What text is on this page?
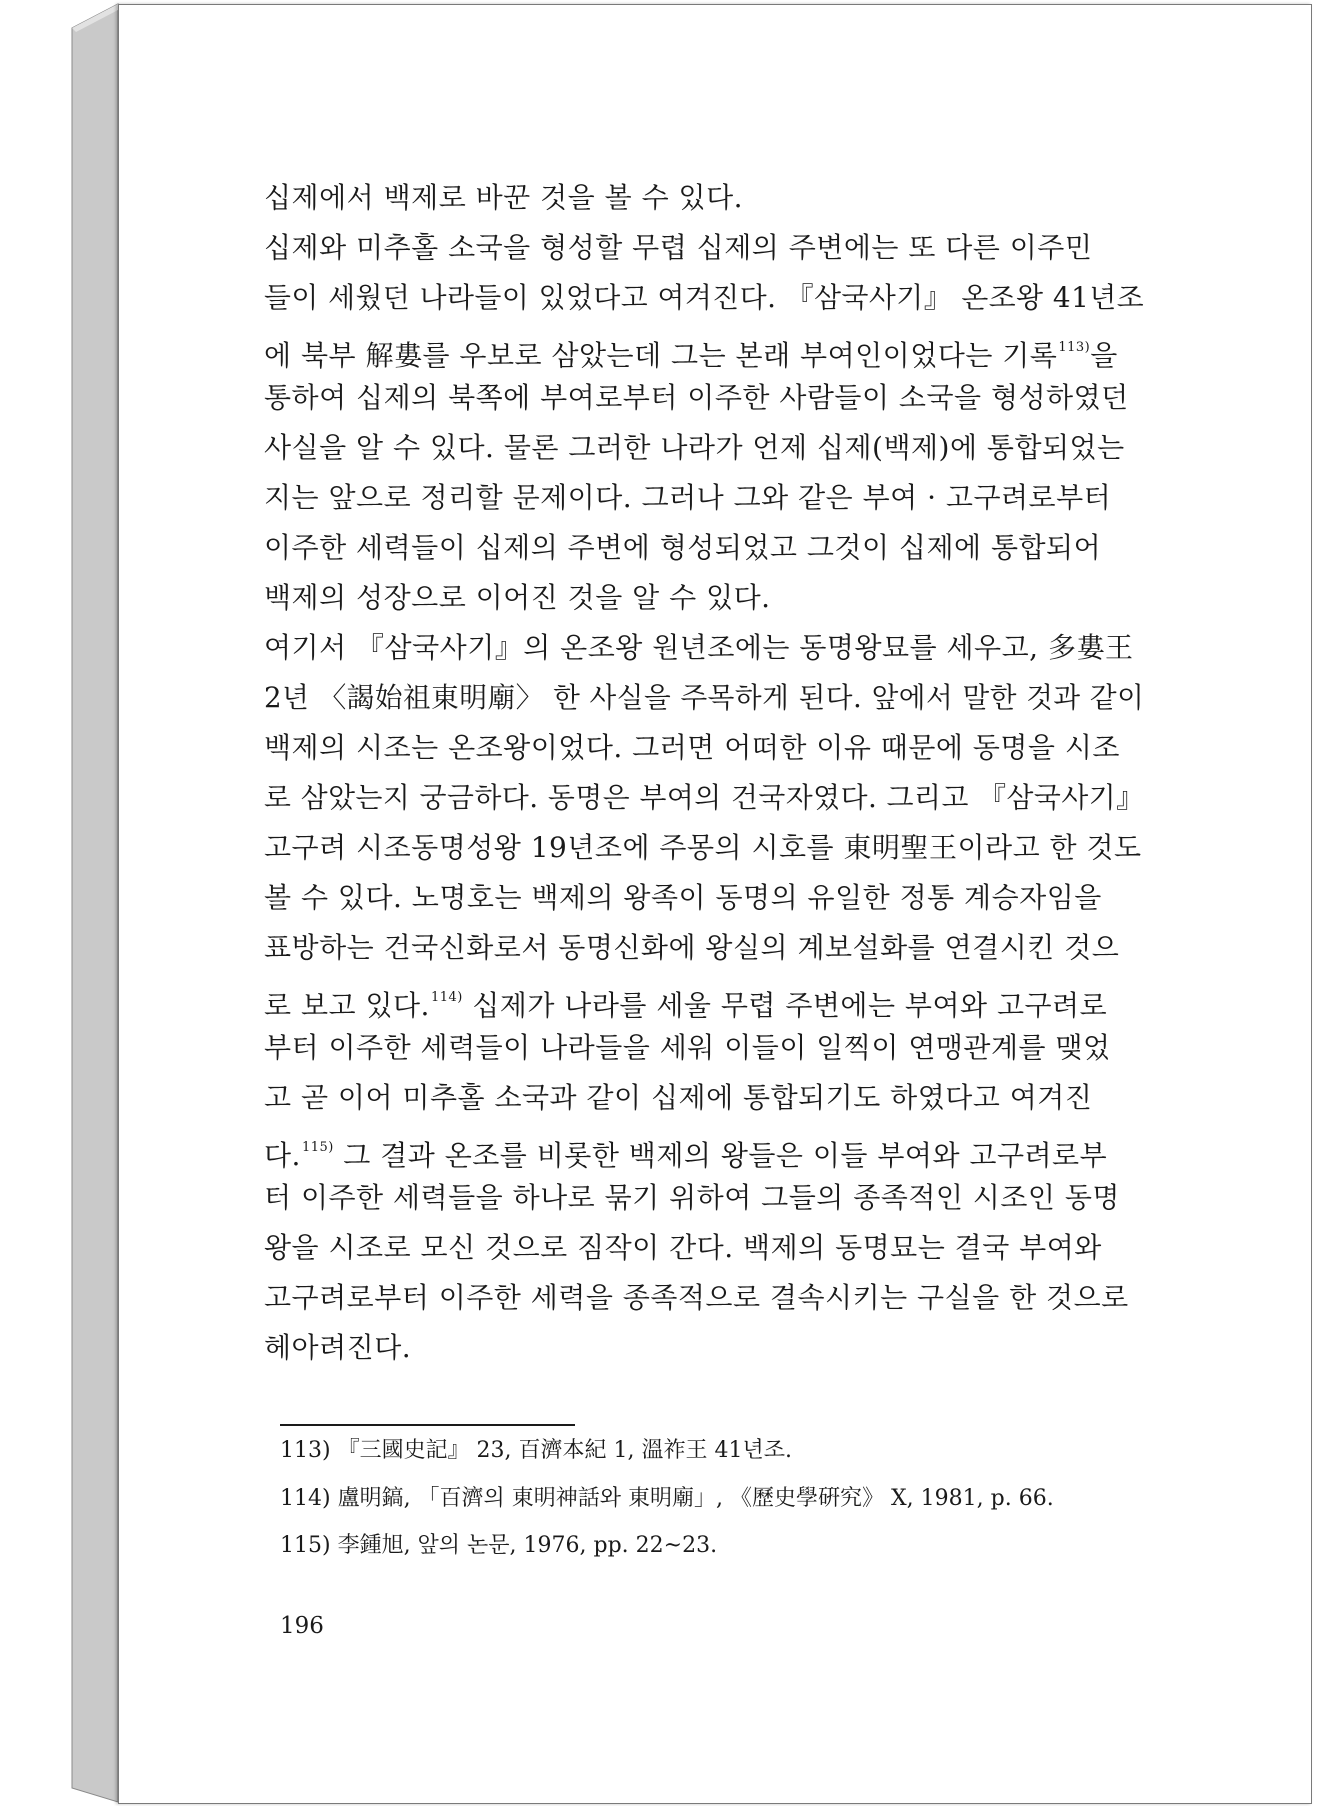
십제에서 백제로 바꾼 것을 볼 수 있다.
십제와 미추홀 소국을 형성할 무렵 십제의 주변에는 또 다른 이주민
들이 세웠던 나라들이 있었다고 여겨진다. 『삼국사기』 온조왕 41년조
에 북부 解婁를 우보로 삼았는데 그는 본래 부여인이었다는 기록$^{113)}$을
통하여 십제의 북쪽에 부여로부터 이주한 사람들이 소국을 형성하였던
사실을 알 수 있다. 물론 그러한 나라가 언제 십제(백제)에 통합되었는
지는 앞으로 정리할 문제이다. 그러나 그와 같은 부여 · 고구려로부터
이주한 세력들이 십제의 주변에 형성되었고 그것이 십제에 통합되어
백제의 성장으로 이어진 것을 알 수 있다.
여기서 『삼국사기』의 온조왕 원년조에는 동명왕묘를 세우고, 多婁王
2년 〈謁始祖東明廟〉 한 사실을 주목하게 된다. 앞에서 말한 것과 같이
백제의 시조는 온조왕이었다. 그러면 어떠한 이유 때문에 동명을 시조
로 삼았는지 궁금하다. 동명은 부여의 건국자였다. 그리고 『삼국사기』
고구려 시조동명성왕 19년조에 주몽의 시호를 東明聖王이라고 한 것도
볼 수 있다. 노명호는 백제의 왕족이 동명의 유일한 정통 계승자임을
표방하는 건국신화로서 동명신화에 왕실의 계보설화를 연결시킨 것으
로 보고 있다.$^{114)}$ 십제가 나라를 세울 무렵 주변에는 부여와 고구려로
부터 이주한 세력들이 나라들을 세워 이들이 일찍이 연맹관계를 맺었
고 곧 이어 미추홀 소국과 같이 십제에 통합되기도 하였다고 여겨진
다.$^{115)}$ 그 결과 온조를 비롯한 백제의 왕들은 이들 부여와 고구려로부
터 이주한 세력들을 하나로 묶기 위하여 그들의 종족적인 시조인 동명
왕을 시조로 모신 것으로 짐작이 간다. 백제의 동명묘는 결국 부여와
고구려로부터 이주한 세력을 종족적으로 결속시키는 구실을 한 것으로
헤아려진다.
113) 『三國史記』 23, 百濟本紀 1, 溫祚王 41년조.
114) 盧明鎬, 「百濟의 東明神話와 東明廟」, 《歷史學硏究》 X, 1981, p. 66.
115) 李鍾旭, 앞의 논문, 1976, pp. 22~23.
196
